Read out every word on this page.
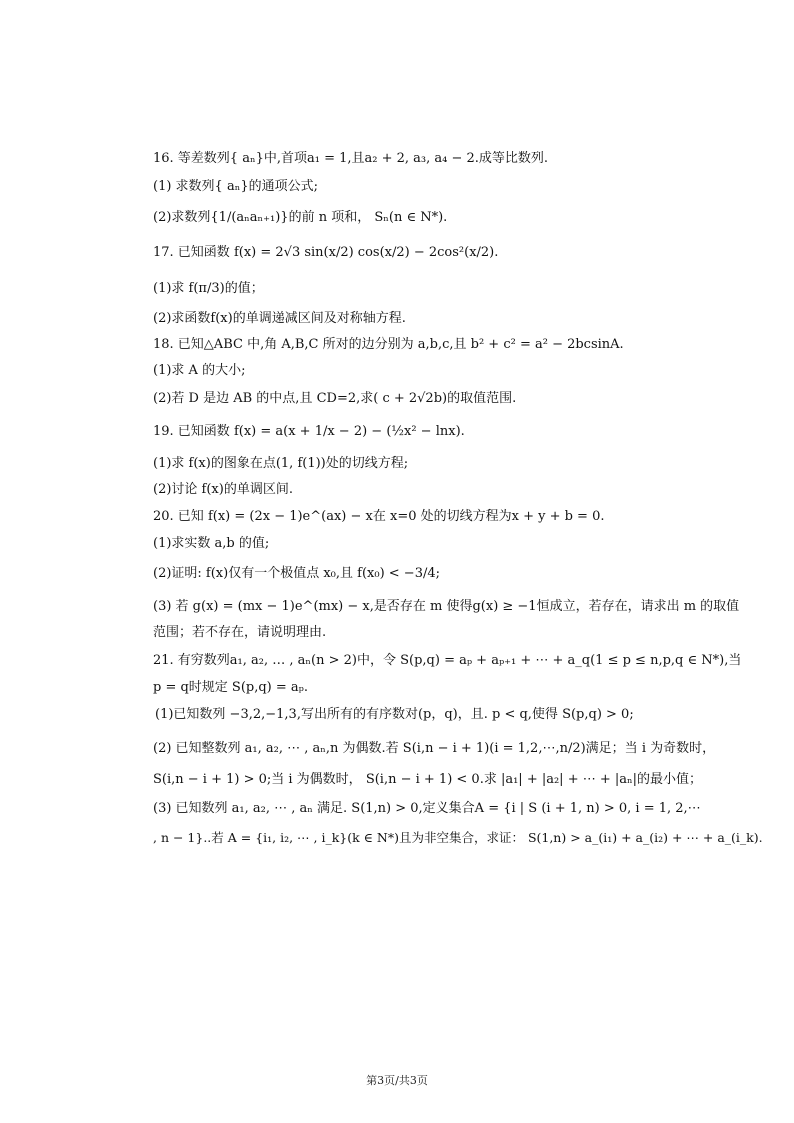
16. 等差数列{ aₙ}中,首项a₁ = 1,且a₂ + 2, a₃, a₄ − 2.成等比数列.
(1) 求数列{ aₙ}的通项公式;
(2)求数列{1/(aₙaₙ₊₁)}的前 n 项和， Sₙ(n ∈ N*).
17. 已知函数 f(x) = 2√3 sin(x/2) cos(x/2) − 2cos²(x/2).
(1)求 f(π/3)的值；
(2)求函数f(x)的单调递减区间及对称轴方程.
18. 已知△ABC 中,角 A,B,C 所对的边分别为 a,b,c,且 b² + c² = a² − 2bcsinA.
(1)求 A 的大小;
(2)若 D 是边 AB 的中点,且 CD=2,求( c + 2√2b)的取值范围.
19. 已知函数 f(x) = a(x + 1/x − 2) − (½x² − lnx).
(1)求 f(x)的图象在点(1, f(1))处的切线方程;
(2)讨论 f(x)的单调区间.
20. 已知 f(x) = (2x − 1)e^(ax) − x在 x=0 处的切线方程为x + y + b = 0.
(1)求实数 a,b 的值;
(2)证明: f(x)仅有一个极值点 x₀,且 f(x₀) < −3/4;
(3) 若 g(x) = (mx − 1)e^(mx) − x,是否存在 m 使得g(x) ≥ −1恒成立，若存在，请求出 m 的取值
范围；若不存在，请说明理由.
21. 有穷数列a₁, a₂, … , aₙ(n > 2)中，令 S(p,q) = aₚ + aₚ₊₁ + ⋯ + a_q(1 ≤ p ≤ n,p,q ∈ N*),当
p = q时规定 S(p,q) = aₚ.
(1)已知数列 −3,2,−1,3,写出所有的有序数对(p，q)，且. p < q,使得 S(p,q) > 0;
(2) 已知整数列 a₁, a₂, ⋯ , aₙ,n 为偶数.若 S(i,n − i + 1)(i = 1,2,⋯,n/2)满足；当 i 为奇数时，
S(i,n − i + 1) > 0;当 i 为偶数时， S(i,n − i + 1) < 0.求 |a₁| + |a₂| + ⋯ + |aₙ|的最小值；
(3) 已知数列 a₁, a₂, ⋯ , aₙ 满足. S(1,n) > 0,定义集合A = {i | S (i + 1, n) > 0, i = 1, 2,⋯
, n − 1}..若 A = {i₁, i₂, ⋯ , i_k}(k ∈ N*)且为非空集合，求证： S(1,n) > a_(i₁) + a_(i₂) + ⋯ + a_(i_k).
第3页/共3页
